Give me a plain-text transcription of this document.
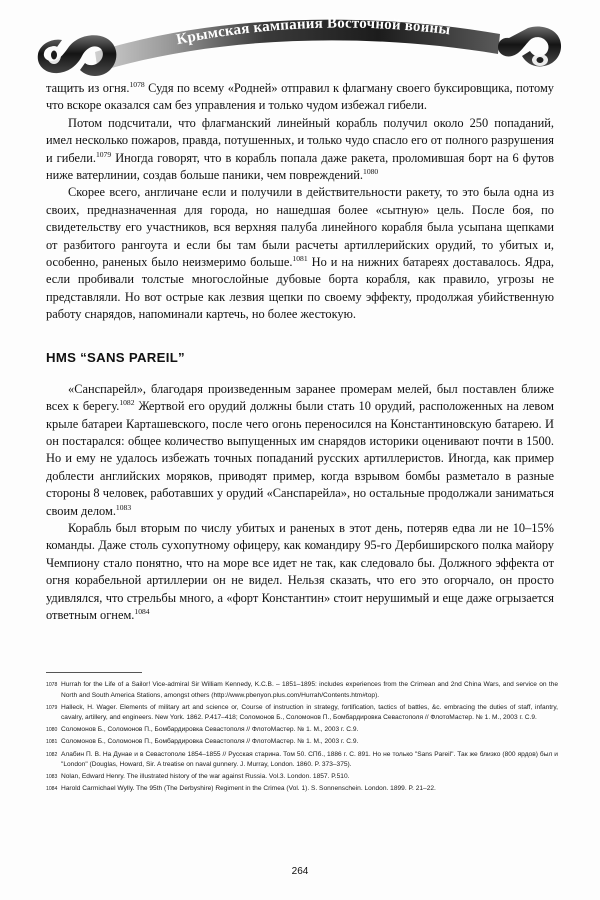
Крымская кампания Восточной войны

тащить из огня.$^{1078}$ Судя по всему «Родней» отправил к флагману своего буксировщика, потому что вскоре оказался сам без управления и только чудом избежал гибели.

Потом подсчитали, что флагманский линейный корабль получил около 250 попаданий, имел несколько пожаров, правда, потушенных, и только чудо спасло его от полного разрушения и гибели.$^{1079}$ Иногда говорят, что в корабль попала даже ракета, проломившая борт на 6 футов ниже ватерлинии, создав больше паники, чем повреждений.$^{1080}$

Скорее всего, англичане если и получили в действительности ракету, то это была одна из своих, предназначенная для города, но нашедшая более «сытную» цель. После боя, по свидетельству его участников, вся верхняя палуба линейного корабля была усыпана щепками от разбитого рангоута и если бы там были расчеты артиллерийских орудий, то убитых и, особенно, раненых было неизмеримо больше.$^{1081}$ Но и на нижних батареях доставалось. Ядра, если пробивали толстые многослойные дубовые борта корабля, как правило, угрозы не представляли. Но вот острые как лезвия щепки по своему эффекту, продолжая убийственную работу снарядов, напоминали картечь, но более жестокую.

HMS “SANS PAREIL”

«Санспарейл», благодаря произведенным заранее промерам мелей, был поставлен ближе всех к берегу.$^{1082}$ Жертвой его орудий должны были стать 10 орудий, расположенных на левом крыле батареи Карташевского, после чего огонь переносился на Константиновскую батарею. И он постарался: общее количество выпущенных им снарядов историки оценивают почти в 1500. Но и ему не удалось избежать точных попаданий русских артиллеристов. Иногда, как пример доблести английских моряков, приводят пример, когда взрывом бомбы разметало в разные стороны 8 человек, работавших у орудий «Санспарейла», но остальные продолжали заниматься своим делом.$^{1083}$

Корабль был вторым по числу убитых и раненых в этот день, потеряв едва ли не 10–15% команды. Даже столь сухопутному офицеру, как командиру 95-го Дербиширского полка майору Чемпиону стало понятно, что на море все идет не так, как следовало бы. Должного эффекта от огня корабельной артиллерии он не видел. Нельзя сказать, что его это огорчало, он просто удивлялся, что стрельбы много, а «форт Константин» стоит нерушимый и еще даже огрызается ответным огнем.$^{1084}$

1078 Hurrah for the Life of a Sailor! Vice-admiral Sir William Kennedy, K.C.B. – 1851–1895: includes experiences from the Crimean and 2nd China Wars, and service on the North and South America Stations, amongst others (http://www.pbenyon.plus.com/Hurrah/Contents.htm#top).
1079 Halleck, H. Wager. Elements of military art and science or, Course of instruction in strategy, fortification, tactics of battles, &c. embracing the duties of staff, infantry, cavalry, artillery, and engineers. New York. 1862. P.417–418; Соломонов Б., Соломонов П., Бомбардировка Севастополя // ФлотоМастер. № 1. М., 2003 г. С.9.
1080 Соломонов Б., Соломонов П., Бомбардировка Севастополя // ФлотоМастер. № 1. М., 2003 г. С.9.
1081 Соломонов Б., Соломонов П., Бомбардировка Севастополя // ФлотоМастер. № 1. М., 2003 г. С.9.
1082 Алабин П. В. На Дунае и в Севастополе 1854–1855 // Русская старина. Том 50. СПб., 1886 г. С. 891. Но не только "Sans Pareil". Так же близко (800 ярдов) был и "London" (Douglas, Howard, Sir. A treatise on naval gunnery. J. Murray, London. 1860. P. 373–375).
1083 Nolan, Edward Henry. The illustrated history of the war against Russia. Vol.3. London. 1857. P.510.
1084 Harold Carmichael Wylly. The 95th (The Derbyshire) Regiment in the Crimea (Vol. 1). S. Sonnenschein. London. 1899. P. 21–22.
264
